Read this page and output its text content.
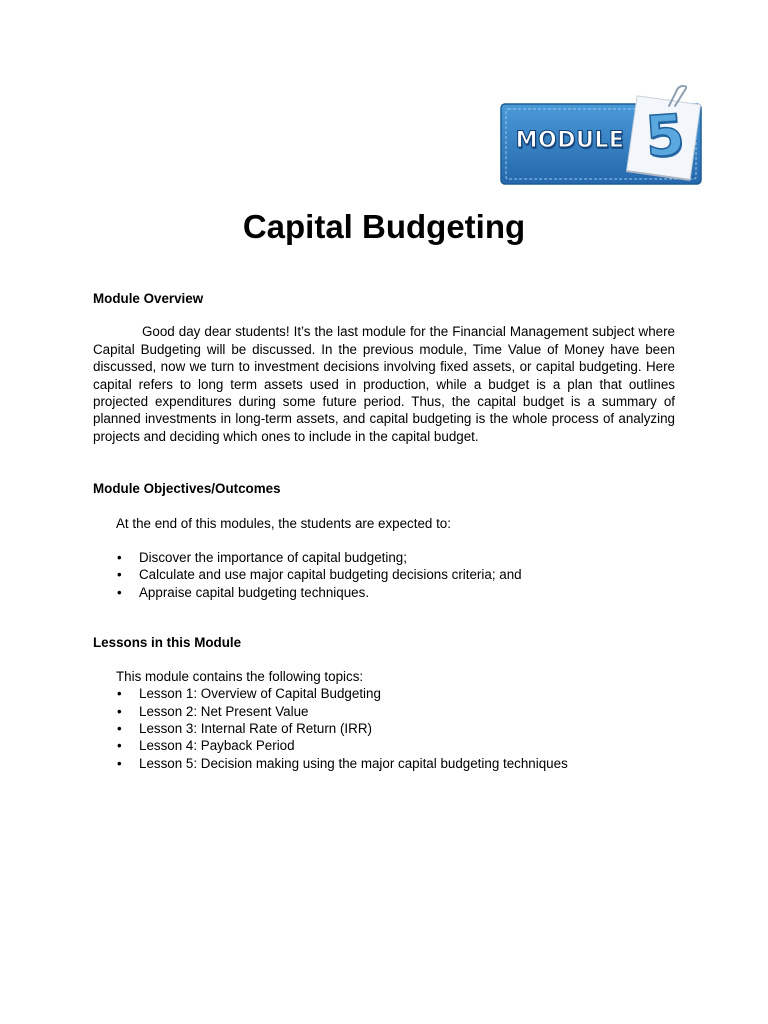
MODULE 5
Capital Budgeting
Module Overview

Good day dear students! It’s the last module for the Financial Management subject where Capital Budgeting will be discussed. In the previous module, Time Value of Money have been discussed, now we turn to investment decisions involving fixed assets, or capital budgeting. Here capital refers to long term assets used in production, while a budget is a plan that outlines projected expenditures during some future period. Thus, the capital budget is a summary of planned investments in long-term assets, and capital budgeting is the whole process of analyzing projects and deciding which ones to include in the capital budget.

Module Objectives/Outcomes

At the end of this modules, the students are expected to:

• Discover the importance of capital budgeting;
• Calculate and use major capital budgeting decisions criteria; and
• Appraise capital budgeting techniques.
Lessons in this Module

This module contains the following topics:

• Lesson 1: Overview of Capital Budgeting
• Lesson 2: Net Present Value
• Lesson 3: Internal Rate of Return (IRR)
• Lesson 4: Payback Period
• Lesson 5: Decision making using the major capital budgeting techniques
